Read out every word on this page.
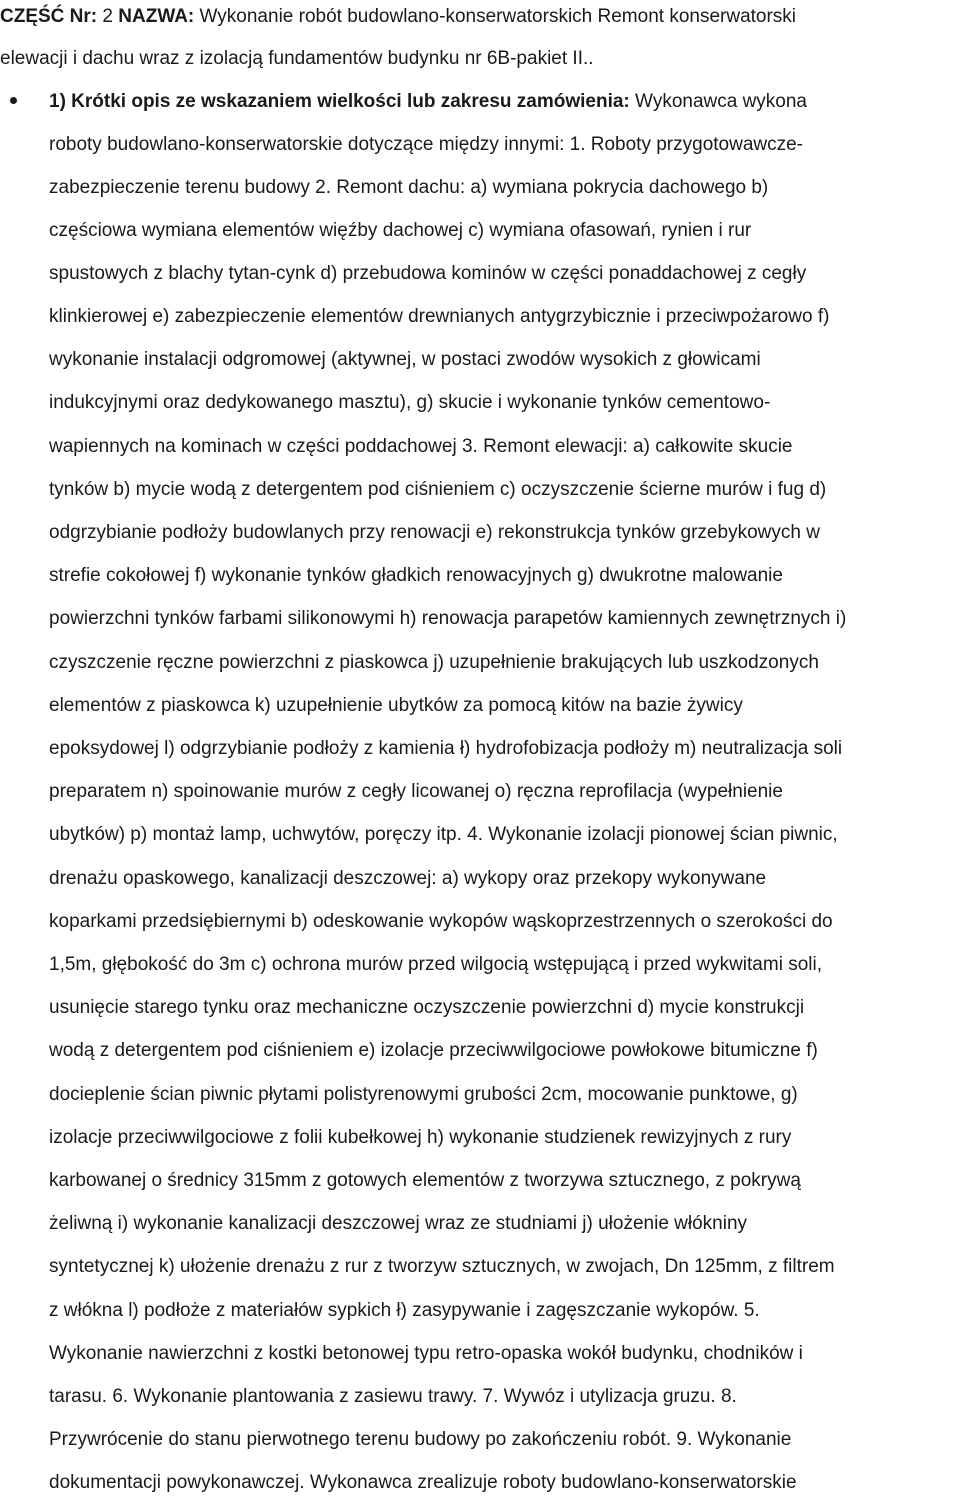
CZĘŚĆ Nr: 2 NAZWA: Wykonanie robót budowlano-konserwatorskich Remont konserwatorski
elewacji i dachu wraz z izolacją fundamentów budynku nr 6B-pakiet II..
1) Krótki opis ze wskazaniem wielkości lub zakresu zamówienia: Wykonawca wykona
roboty budowlano-konserwatorskie dotyczące między innymi: 1. Roboty przygotowawcze-
zabezpieczenie terenu budowy 2. Remont dachu: a) wymiana pokrycia dachowego b)
częściowa wymiana elementów więźby dachowej c) wymiana ofasowań, rynien i rur
spustowych z blachy tytan-cynk d) przebudowa kominów w części ponaddachowej z cegły
klinkierowej e) zabezpieczenie elementów drewnianych antygrzybicznie i przeciwpożarowo f)
wykonanie instalacji odgromowej (aktywnej, w postaci zwodów wysokich z głowicami
indukcyjnymi oraz dedykowanego masztu), g) skucie i wykonanie tynków cementowo-
wapiennych na kominach w części poddachowej 3. Remont elewacji: a) całkowite skucie
tynków b) mycie wodą z detergentem pod ciśnieniem c) oczyszczenie ścierne murów i fug d)
odgrzybianie podłoży budowlanych przy renowacji e) rekonstrukcja tynków grzebykowych w
strefie cokołowej f) wykonanie tynków gładkich renowacyjnych g) dwukrotne malowanie
powierzchni tynków farbami silikonowymi h) renowacja parapetów kamiennych zewnętrznych i)
czyszczenie ręczne powierzchni z piaskowca j) uzupełnienie brakujących lub uszkodzonych
elementów z piaskowca k) uzupełnienie ubytków za pomocą kitów na bazie żywicy
epoksydowej l) odgrzybianie podłoży z kamienia ł) hydrofobizacja podłoży m) neutralizacja soli
preparatem n) spoinowanie murów z cegły licowanej o) ręczna reprofilacja (wypełnienie
ubytków) p) montaż lamp, uchwytów, poręczy itp. 4. Wykonanie izolacji pionowej ścian piwnic,
drenażu opaskowego, kanalizacji deszczowej: a) wykopy oraz przekopy wykonywane
koparkami przedsiębiernymi b) odeskowanie wykopów wąskoprzestrzennych o szerokości do
1,5m, głębokość do 3m c) ochrona murów przed wilgocią wstępującą i przed wykwitami soli,
usunięcie starego tynku oraz mechaniczne oczyszczenie powierzchni d) mycie konstrukcji
wodą z detergentem pod ciśnieniem e) izolacje przeciwwilgociowe powłokowe bitumiczne f)
docieplenie ścian piwnic płytami polistyrenowymi grubości 2cm, mocowanie punktowe, g)
izolacje przeciwwilgociowe z folii kubełkowej h) wykonanie studzienek rewizyjnych z rury
karbowanej o średnicy 315mm z gotowych elementów z tworzywa sztucznego, z pokrywą
żeliwną i) wykonanie kanalizacji deszczowej wraz ze studniami j) ułożenie włókniny
syntetycznej k) ułożenie drenażu z rur z tworzyw sztucznych, w zwojach, Dn 125mm, z filtrem
z włókna l) podłoże z materiałów sypkich ł) zasypywanie i zagęszczanie wykopów. 5.
Wykonanie nawierzchni z kostki betonowej typu retro-opaska wokół budynku, chodników i
tarasu. 6. Wykonanie plantowania z zasiewu trawy. 7. Wywóz i utylizacja gruzu. 8.
Przywrócenie do stanu pierwotnego terenu budowy po zakończeniu robót. 9. Wykonanie
dokumentacji powykonawczej. Wykonawca zrealizuje roboty budowlano-konserwatorskie
